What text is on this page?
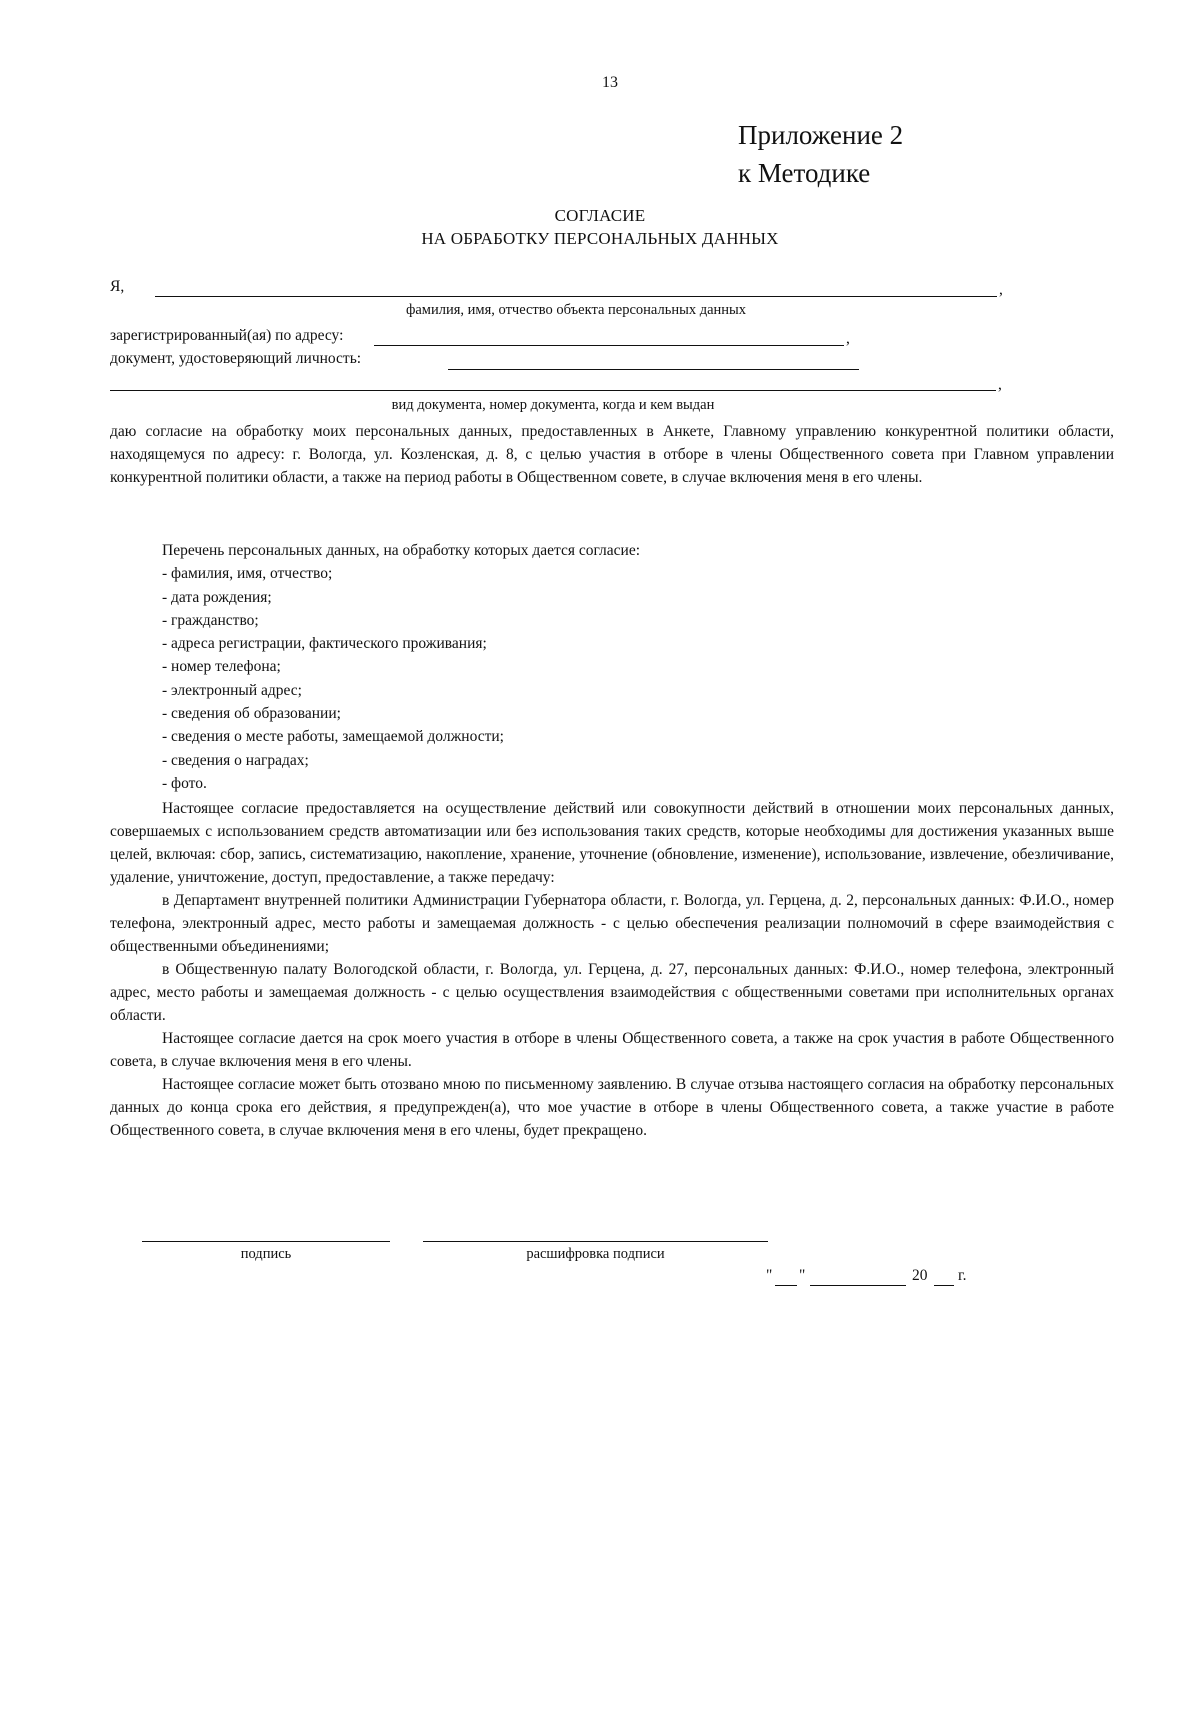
13
Приложение 2
к Методике
СОГЛАСИЕ
НА ОБРАБОТКУ ПЕРСОНАЛЬНЫХ ДАННЫХ
Я,	,
фамилия, имя, отчество объекта персональных данных
зарегистрированный(ая) по адресу:	,
документ, удостоверяющий личность:
,
вид документа, номер документа, когда и кем выдан

даю согласие на обработку моих персональных данных, предоставленных в Анкете, Главному управлению конкурентной политики области, находящемуся по адресу: г. Вологда, ул. Козленская, д. 8, с целью участия в отборе в члены Общественного совета при Главном управлении конкурентной политики области, а также на период работы в Общественном совете, в случае включения меня в его члены.

Перечень персональных данных, на обработку которых дается согласие:
- фамилия, имя, отчество;
- дата рождения;
- гражданство;
- адреса регистрации, фактического проживания;
- номер телефона;
- электронный адрес;
- сведения об образовании;
- сведения о месте работы, замещаемой должности;
- сведения о наградах;
- фото.

Настоящее согласие предоставляется на осуществление действий или совокупности действий в отношении моих персональных данных, совершаемых с использованием средств автоматизации или без использования таких средств, которые необходимы для достижения указанных выше целей, включая: сбор, запись, систематизацию, накопление, хранение, уточнение (обновление, изменение), использование, извлечение, обезличивание, удаление, уничтожение, доступ, предоставление, а также передачу:

в Департамент внутренней политики Администрации Губернатора области, г. Вологда, ул. Герцена, д. 2, персональных данных: Ф.И.О., номер телефона, электронный адрес, место работы и замещаемая должность - с целью обеспечения реализации полномочий в сфере взаимодействия с общественными объединениями;

в Общественную палату Вологодской области, г. Вологда, ул. Герцена, д. 27, персональных данных: Ф.И.О., номер телефона, электронный адрес, место работы и замещаемая должность - с целью осуществления взаимодействия с общественными советами при исполнительных органах области.

Настоящее согласие дается на срок моего участия в отборе в члены Общественного совета, а также на срок участия в работе Общественного совета, в случае включения меня в его члены.

Настоящее согласие может быть отозвано мною по письменному заявлению. В случае отзыва настоящего согласия на обработку персональных данных до конца срока его действия, я предупрежден(а), что мое участие в отборе в члены Общественного совета, а также участие в работе Общественного совета, в случае включения меня в его члены, будет прекращено.

подпись	расшифровка подписи
" "	20 г.
